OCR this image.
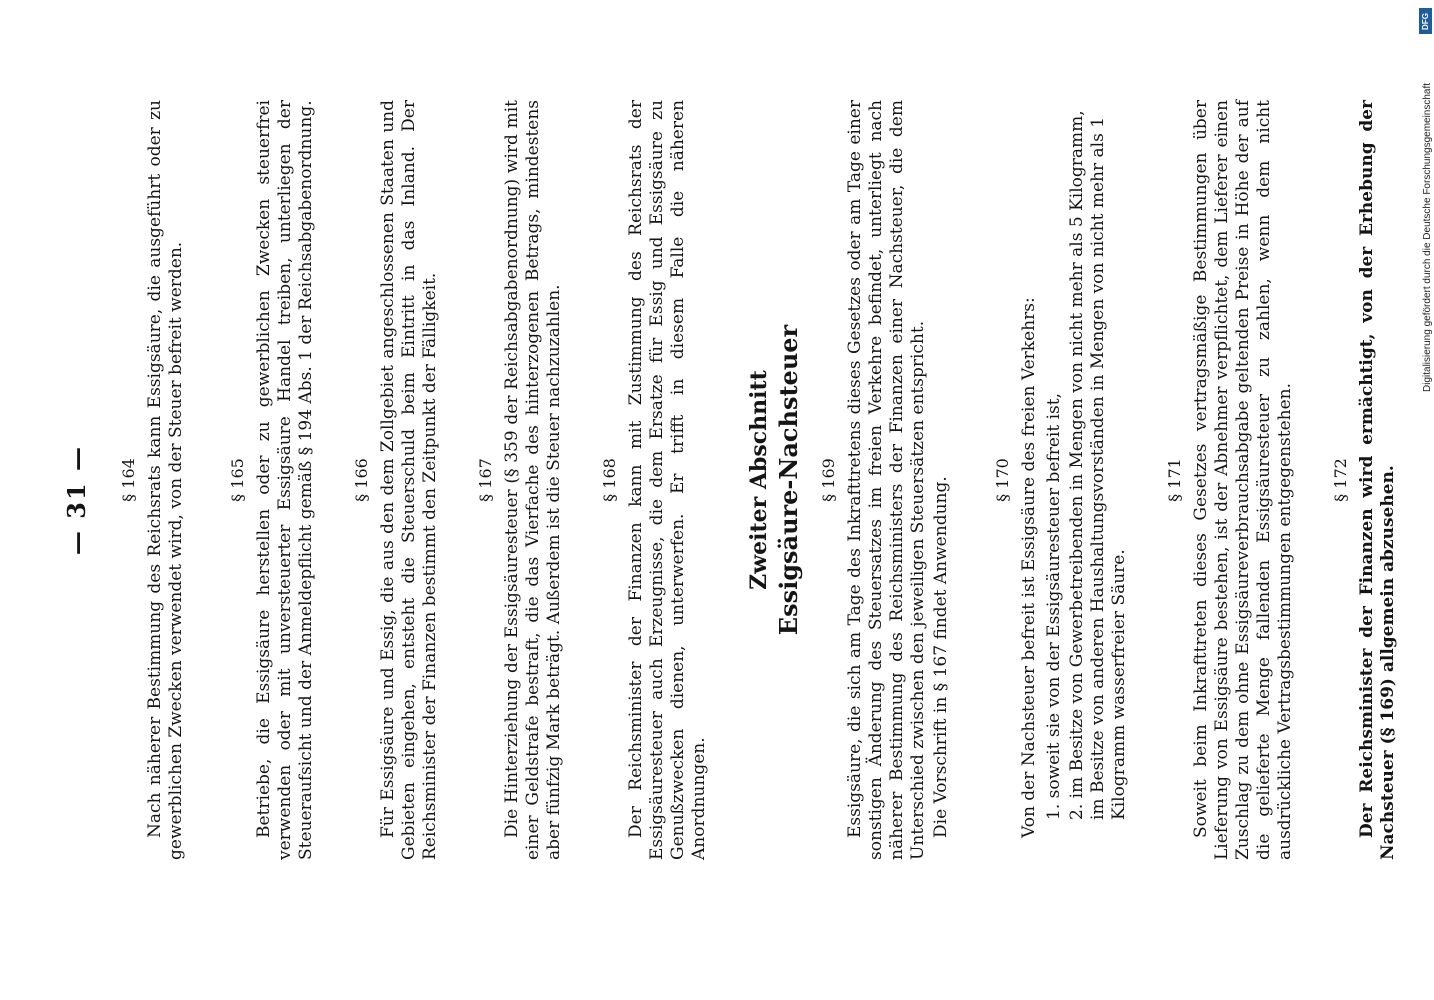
— 31 — § 164 Nach näherer Bestimmung des Reichsrats kann Essigsäure, die ausgeführt oder zu gewerblichen Zwecken verwendet wird, von der Steuer befreit werden.	§ 165 Betriebe, die Essigsäure herstellen oder zu gewerblichen Zwecken steuerfrei verwenden oder mit unversteuerter Essigsäure Handel treiben, unterliegen der Steueraufsicht und der Anmeldepflicht gemäß § 194 Abs. 1 der Reichsabgabenordnung. § 166 Für Essigsäure und Essig, die aus den dem Zollgebiet angeschlossenen Staaten und Gebieten eingehen, entsteht die Steuerschuld beim Eintritt in das Inland. Der Reichsminister der Finanzen bestimmt den Zeitpunkt der Fälligkeit. § 167 Die Hinterziehung der Essigsäuresteuer (§ 359 der Reichsabgabenordnung) wird mit einer Geldstrafe bestraft, die das Vierfache des hinterzogenen Betrags, mindestens aber fünfzig Mark beträgt. Außerdem ist die Steuer nachzuzahlen. § 168 Der Reichsminister der Finanzen kann mit Zustimmung des Reichsrats der Essigsäuresteuer auch Erzeugnisse, die dem Ersatze für Essig und Essigsäure zu Genußzwecken dienen, unterwerfen. Er trifft in diesem Falle die näheren Anordnungen.

Zweiter Abschnitt Essigsäure-Nachsteuer § 169 Essigsäure, die sich am Tage des Inkrafttretens dieses Gesetzes oder am Tage einer sonstigen Änderung des Steuersatzes im freien Verkehre befindet, unterliegt nach näherer Bestimmung des Reichsministers der Finanzen einer Nachsteuer, die dem Unterschied zwischen den jeweiligen Steuersätzen entspricht. Die Vorschrift in § 167 findet Anwendung.	§ 170 Von der Nachsteuer befreit ist Essigsäure des freien Verkehrs: 1. soweit sie von der Essigsäuresteuer befreit ist, 2. im Besitze von Gewerbetreibenden in Mengen von nicht mehr als 5 Kilogramm, im Besitze von anderen Haushaltungsvorständen in Mengen von nicht mehr als 1 Kilogramm wasserfreier Säure.
§ 171 Soweit beim Inkrafttreten dieses Gesetzes vertragsmäßige Bestimmungen über Lieferung von Essigsäure bestehen, ist der Abnehmer verpflichtet, dem Lieferer einen Zuschlag zu dem ohne Essigsäureverbrauchsabgabe geltenden Preise in Höhe der auf die gelieferte Menge fallenden Essigsäuresteuer zu zahlen, wenn dem nicht ausdrückliche Vertragsbestimmungen entgegenstehen. § 172 Der Reichsminister der Finanzen wird ermächtigt, von der Erhebung der Nachsteuer (§ 169) allgemein abzusehen.

DFG
Digitalisierung gefördert durch die Deutsche Forschungsgemeinschaft
